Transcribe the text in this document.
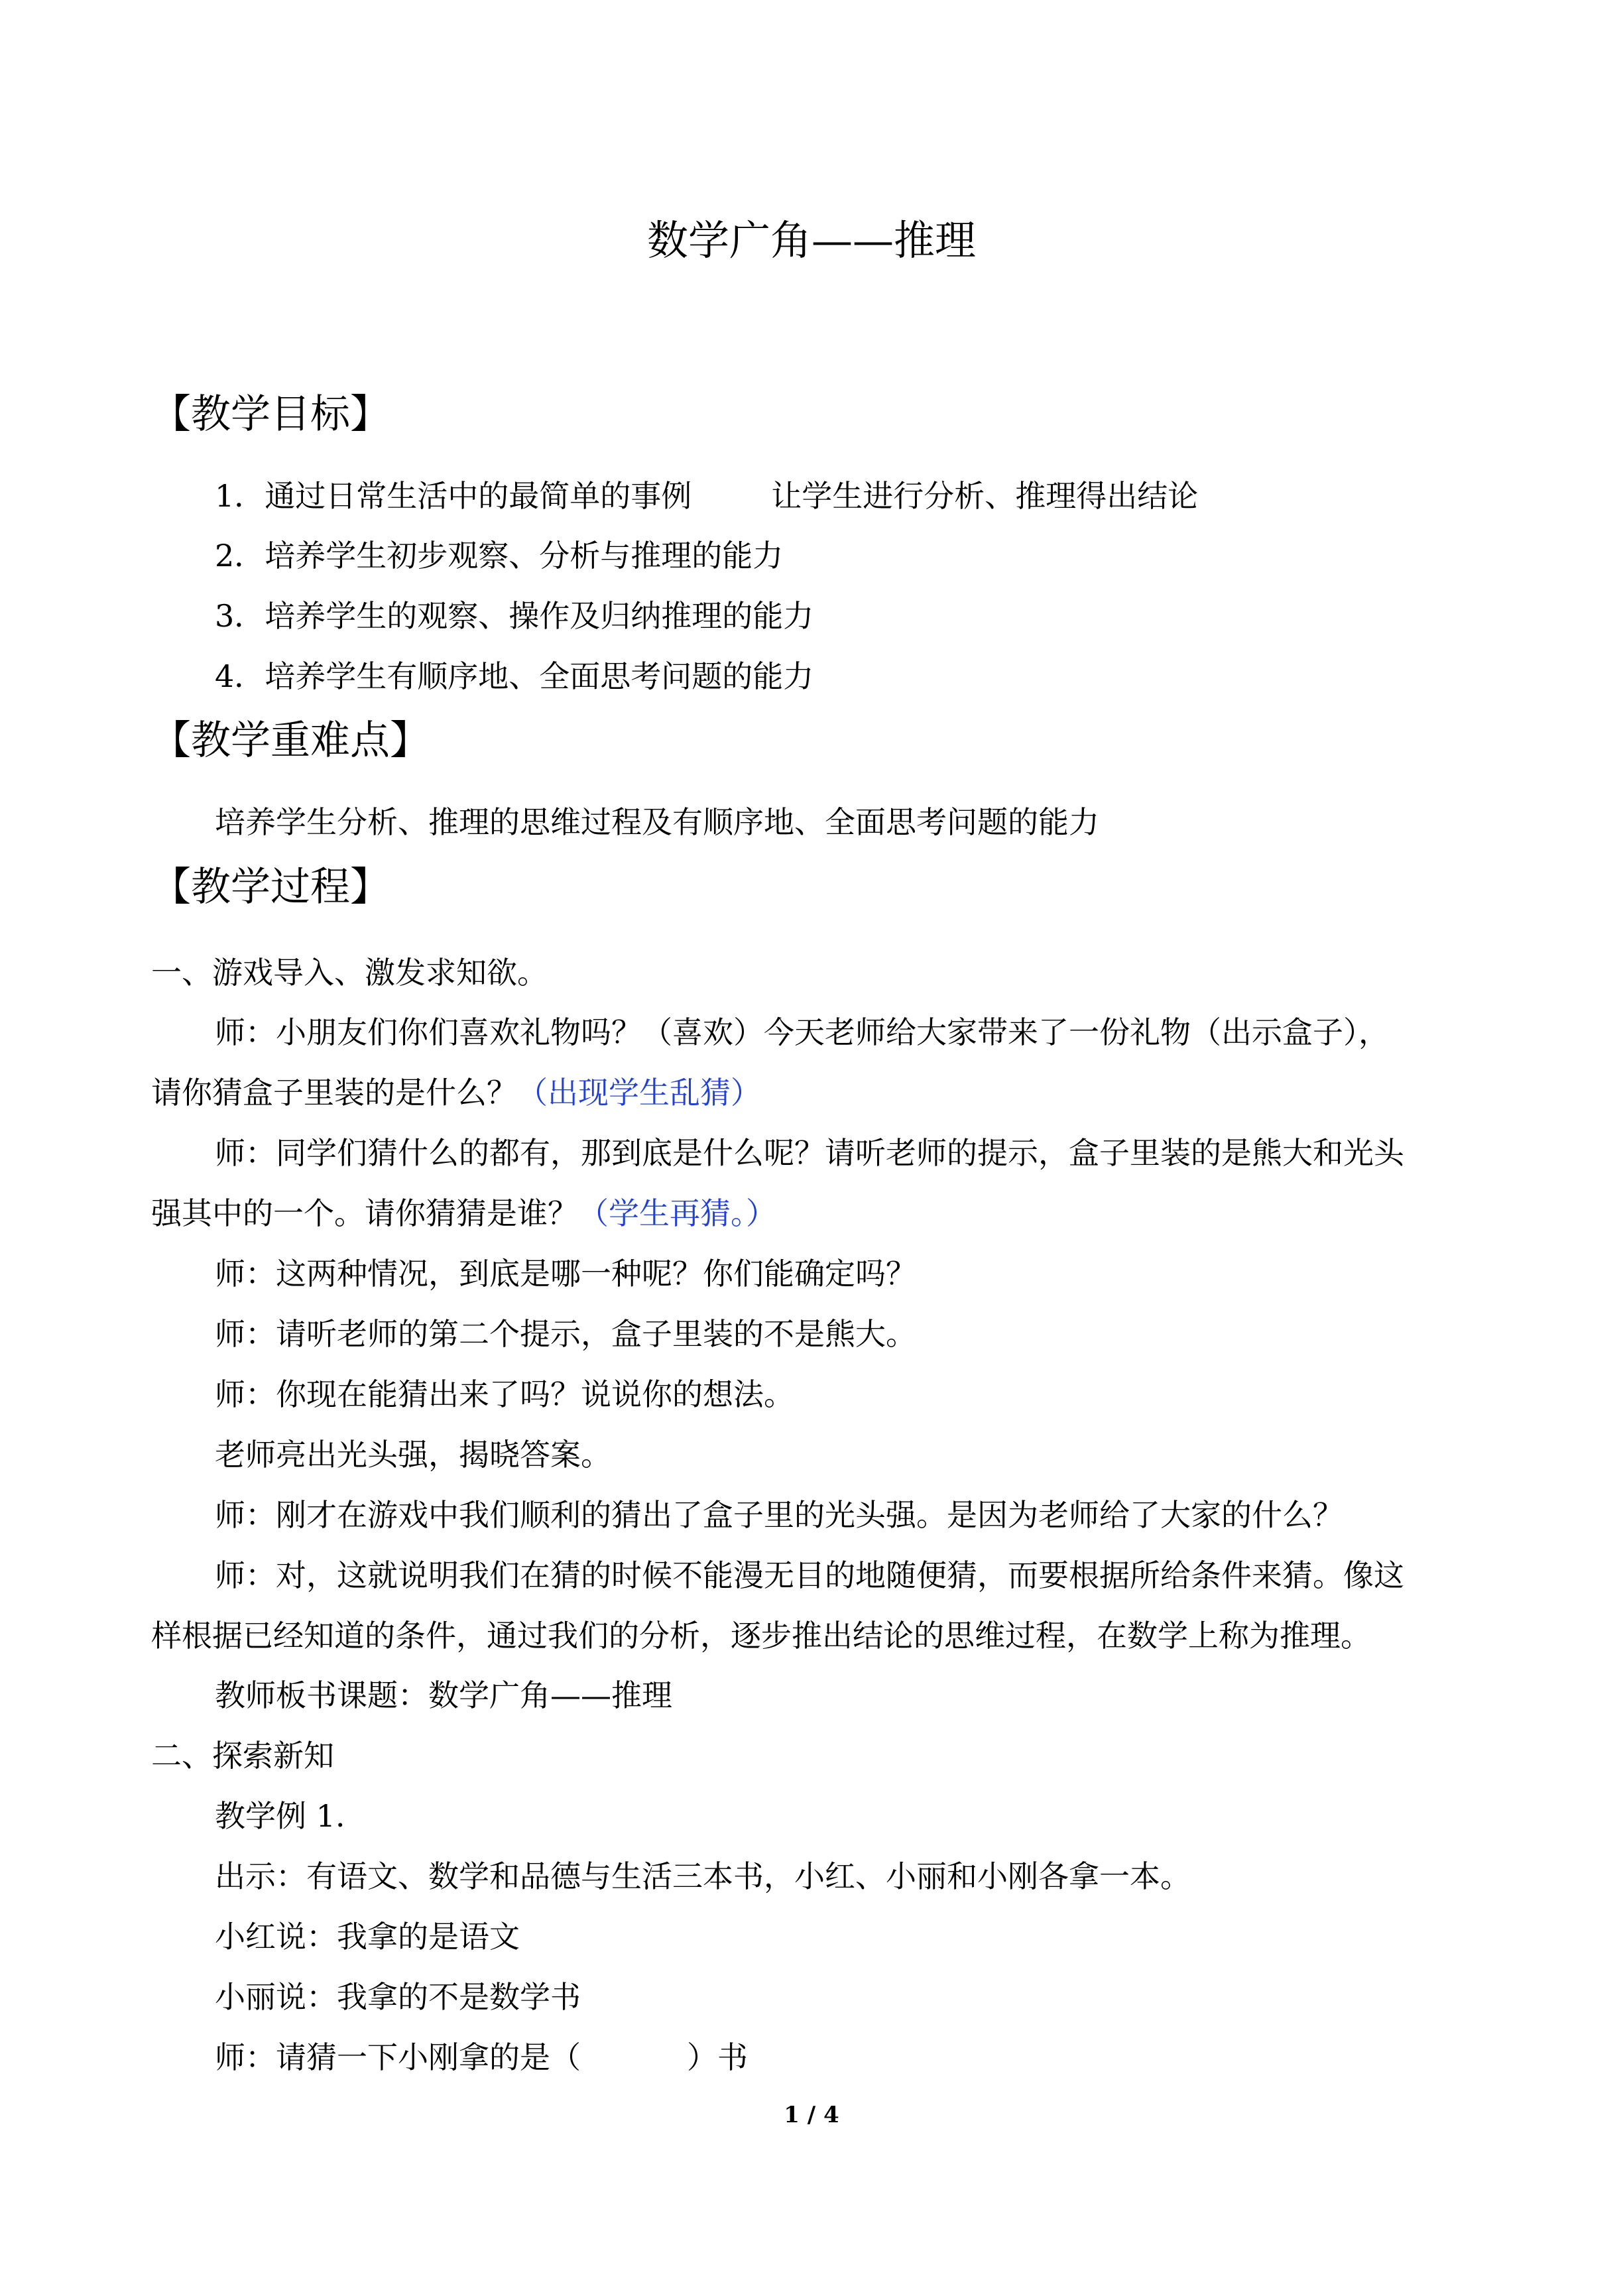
数学广角——推理
【教学目标】
1．通过日常生活中的最简单的事例	让学生进行分析、推理得出结论
2．培养学生初步观察、分析与推理的能力
3．培养学生的观察、操作及归纳推理的能力
4．培养学生有顺序地、全面思考问题的能力
【教学重难点】
培养学生分析、推理的思维过程及有顺序地、全面思考问题的能力
【教学过程】
一、游戏导入、激发求知欲。
师：小朋友们你们喜欢礼物吗？（喜欢）今天老师给大家带来了一份礼物（出示盒子），
请你猜盒子里装的是什么？（出现学生乱猜）
师：同学们猜什么的都有，那到底是什么呢？请听老师的提示，盒子里装的是熊大和光头
强其中的一个。请你猜猜是谁？（学生再猜。）
师：这两种情况，到底是哪一种呢？你们能确定吗？
师：请听老师的第二个提示，盒子里装的不是熊大。
师：你现在能猜出来了吗？说说你的想法。
老师亮出光头强，揭晓答案。
师：刚才在游戏中我们顺利的猜出了盒子里的光头强。是因为老师给了大家的什么？
师：对，这就说明我们在猜的时候不能漫无目的地随便猜，而要根据所给条件来猜。像这
样根据已经知道的条件，通过我们的分析，逐步推出结论的思维过程，在数学上称为推理。
教师板书课题：数学广角——推理
二、探索新知
教学例 1.
出示：有语文、数学和品德与生活三本书，小红、小丽和小刚各拿一本。
小红说：我拿的是语文
小丽说：我拿的不是数学书
师：请猜一下小刚拿的是（	）书
1 / 4
